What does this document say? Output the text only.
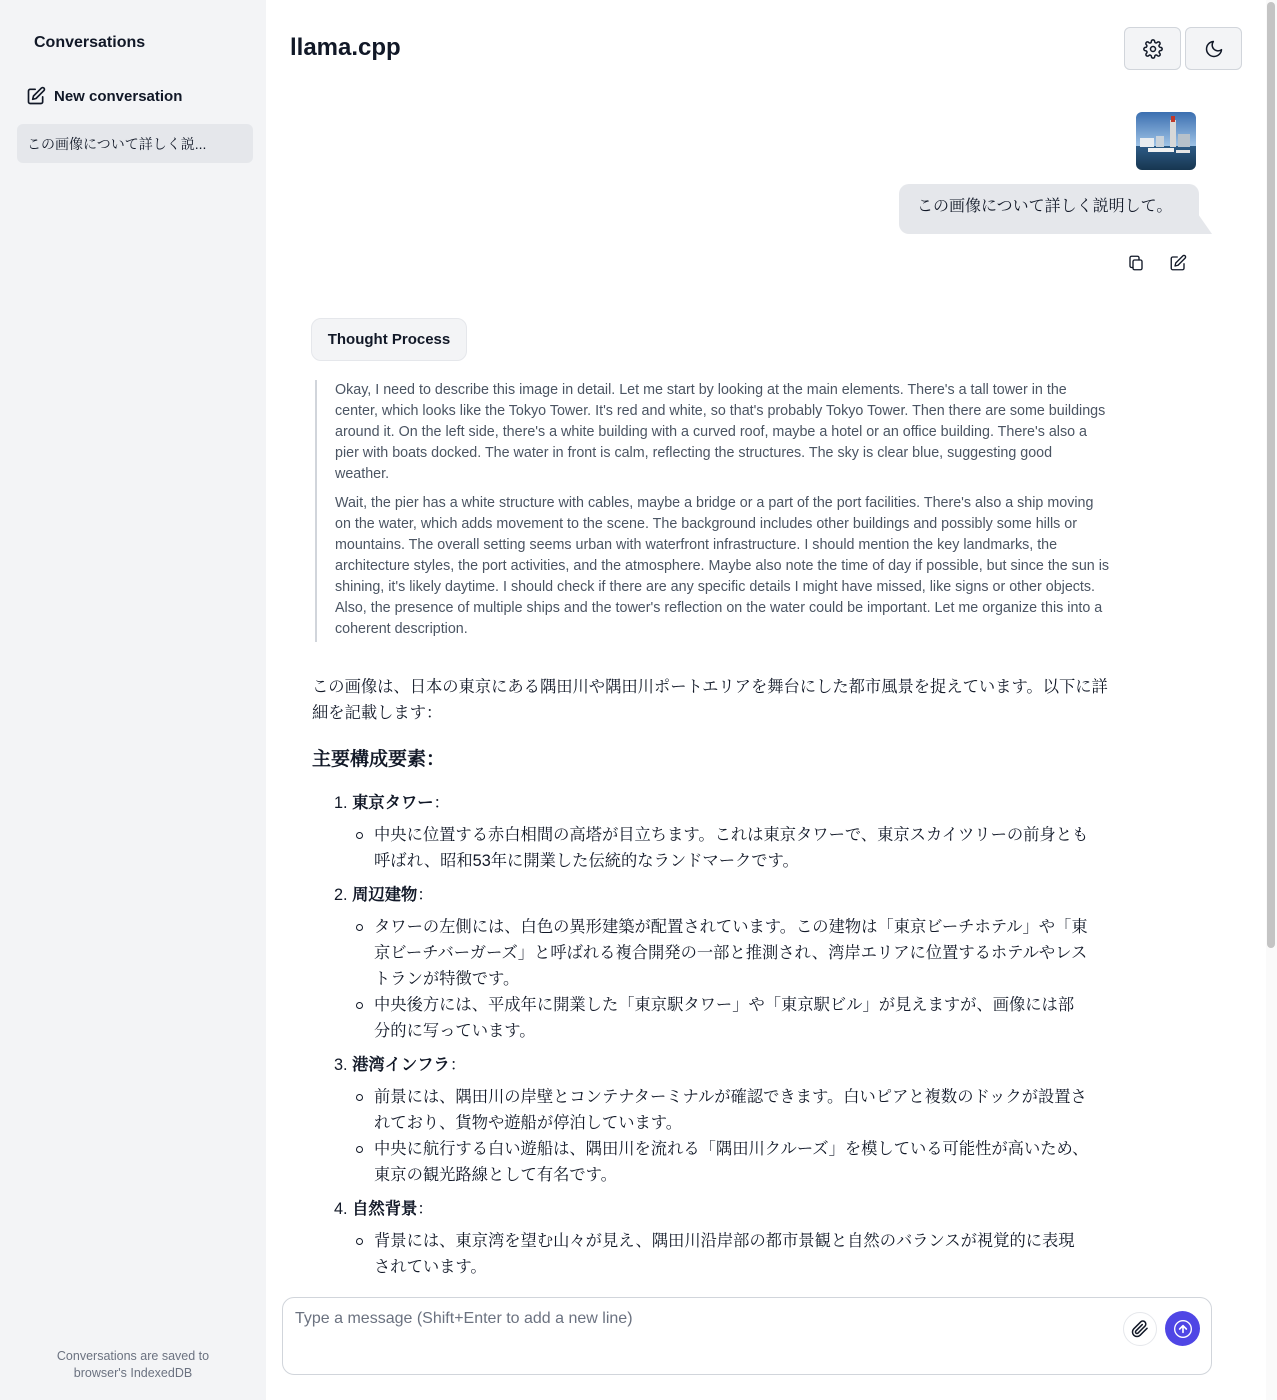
Conversations
New conversation
この画像について詳しく説...
Conversations are saved to
browser's IndexedDB
llama.cpp
この画像について詳しく説明して。
Thought Process

Okay, I need to describe this image in detail. Let me start by looking at the main elements. There's a tall tower in the center, which looks like the Tokyo Tower. It's red and white, so that's probably Tokyo Tower. Then there are some buildings around it. On the left side, there's a white building with a curved roof, maybe a hotel or an office building. There's also a pier with boats docked. The water in front is calm, reflecting the structures. The sky is clear blue, suggesting good weather.

Wait, the pier has a white structure with cables, maybe a bridge or a part of the port facilities. There's also a ship moving on the water, which adds movement to the scene. The background includes other buildings and possibly some hills or mountains. The overall setting seems urban with waterfront infrastructure. I should mention the key landmarks, the architecture styles, the port activities, and the atmosphere. Maybe also note the time of day if possible, but since the sun is shining, it's likely daytime. I should check if there are any specific details I might have missed, like signs or other objects. Also, the presence of multiple ships and the tower's reflection on the water could be important. Let me organize this into a coherent description.

この画像は、日本の東京にある隅田川や隅田川ポートエリアを舞台にした都市風景を捉えています。以下に詳細を記載します：

主要構成要素：
1. 東京タワー：
中央に位置する赤白相間の高塔が目立ちます。これは東京タワーで、東京スカイツリーの前身とも呼ばれ、昭和53年に開業した伝統的なランドマークです。
2. 周辺建物：
タワーの左側には、白色の異形建築が配置されています。この建物は「東京ビーチホテル」や「東京ビーチバーガーズ」と呼ばれる複合開発の一部と推測され、湾岸エリアに位置するホテルやレストランが特徴です。
中央後方には、平成年に開業した「東京駅タワー」や「東京駅ビル」が見えますが、画像には部分的に写っています。
3. 港湾インフラ：
前景には、隅田川の岸壁とコンテナターミナルが確認できます。白いピアと複数のドックが設置されており、貨物や遊船が停泊しています。
中央に航行する白い遊船は、隅田川を流れる「隅田川クルーズ」を模している可能性が高いため、東京の観光路線として有名です。
4. 自然背景：
背景には、東京湾を望む山々が見え、隅田川沿岸部の都市景観と自然のバランスが視覚的に表現されています。
Type a message (Shift+Enter to add a new line)
